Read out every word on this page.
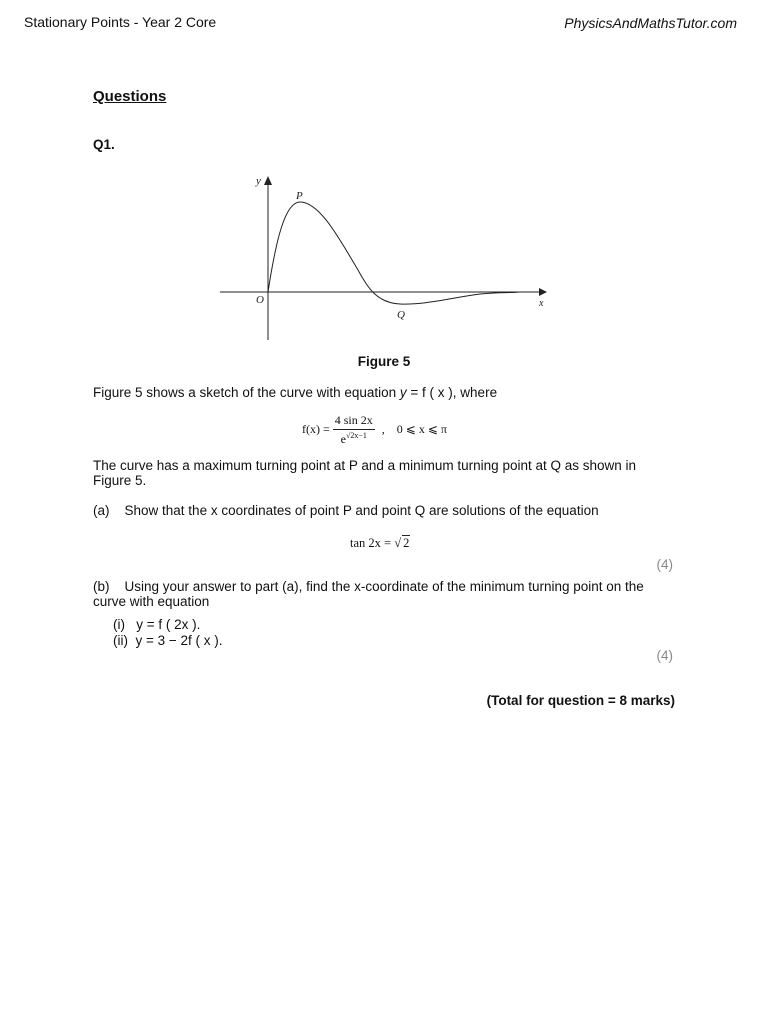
Stationary Points - Year 2 Core	PhysicsAndMathsTutor.com
Questions
Q1.
y
x
O
P
Q
Figure 5
Figure 5 shows a sketch of the curve with equation y = f ( x ), where
$f(x) = \frac{4 \sin 2x}{e^{√2x-1}}$ ,    0 ⩽ x ⩽ π
The curve has a maximum turning point at P and a minimum turning point at Q as shown in Figure 5.
(a) Show that the x coordinates of point P and point Q are solutions of the equation
tan 2x = √ 2
(4)
(b) Using your answer to part (a), find the x-coordinate of the minimum turning point on the curve with equation
(i) y = f ( 2x ).
(ii) y = 3 − 2f ( x ).
(4)
(Total for question = 8 marks)
